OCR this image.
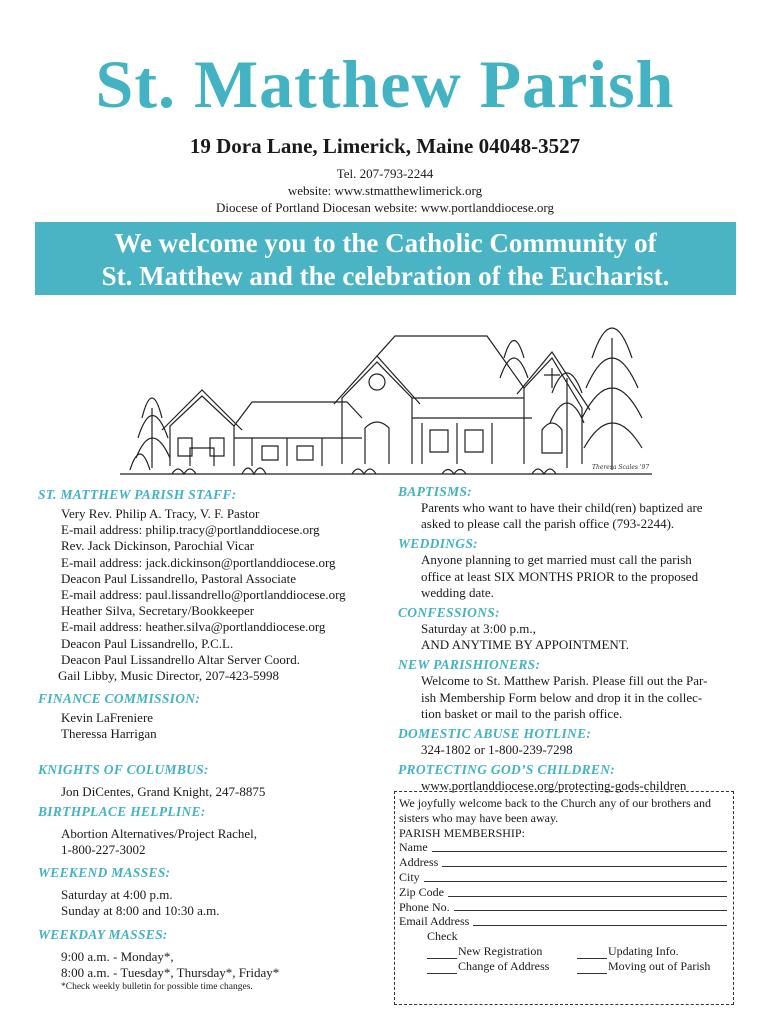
St. Matthew Parish
19 Dora Lane, Limerick, Maine 04048-3527
Tel. 207-793-2244
website: www.stmatthewlimerick.org
Diocese of Portland Diocesan website: www.portlanddiocese.org
We welcome you to the Catholic Community of
St. Matthew and the celebration of the Eucharist.
Theresa Scales '97
ST. MATTHEW PARISH STAFF:
Very Rev. Philip A. Tracy, V. F. Pastor
E-mail address: philip.tracy@portlanddiocese.org
Rev. Jack Dickinson, Parochial Vicar
E-mail address: jack.dickinson@portlanddiocese.org
Deacon Paul Lissandrello, Pastoral Associate
E-mail address: paul.lissandrello@portlanddiocese.org
Heather Silva, Secretary/Bookkeeper
E-mail address: heather.silva@portlanddiocese.org
Deacon Paul Lissandrello, P.C.L.
Deacon Paul Lissandrello Altar Server Coord.
Gail Libby, Music Director, 207-423-5998
FINANCE COMMISSION:
Kevin LaFreniere
Theressa Harrigan
KNIGHTS OF COLUMBUS:
Jon DiCentes, Grand Knight, 247-8875
BIRTHPLACE HELPLINE:
Abortion Alternatives/Project Rachel,
1-800-227-3002
WEEKEND MASSES:
Saturday at 4:00 p.m.
Sunday at 8:00 and 10:30 a.m.
WEEKDAY MASSES:
9:00 a.m. - Monday*,
8:00 a.m. - Tuesday*, Thursday*, Friday*
*Check weekly bulletin for possible time changes.
BAPTISMS:
Parents who want to have their child(ren) baptized are
asked to please call the parish office (793-2244).
WEDDINGS:
Anyone planning to get married must call the parish
office at least SIX MONTHS PRIOR to the proposed
wedding date.
CONFESSIONS:
Saturday at 3:00 p.m.,
AND ANYTIME BY APPOINTMENT.
NEW PARISHIONERS:
Welcome to St. Matthew Parish. Please fill out the Par-
ish Membership Form below and drop it in the collec-
tion basket or mail to the parish office.
DOMESTIC ABUSE HOTLINE:
324-1802 or 1-800-239-7298
PROTECTING GOD’S CHILDREN:
www.portlanddiocese.org/protecting-gods-children
We joyfully welcome back to the Church any of our brothers and
sisters who may have been away.
PARISH MEMBERSHIP:
Name
Address
City
Zip Code
Phone No.
Email Address
Check
New Registration	Updating Info.
Change of Address	Moving out of Parish
